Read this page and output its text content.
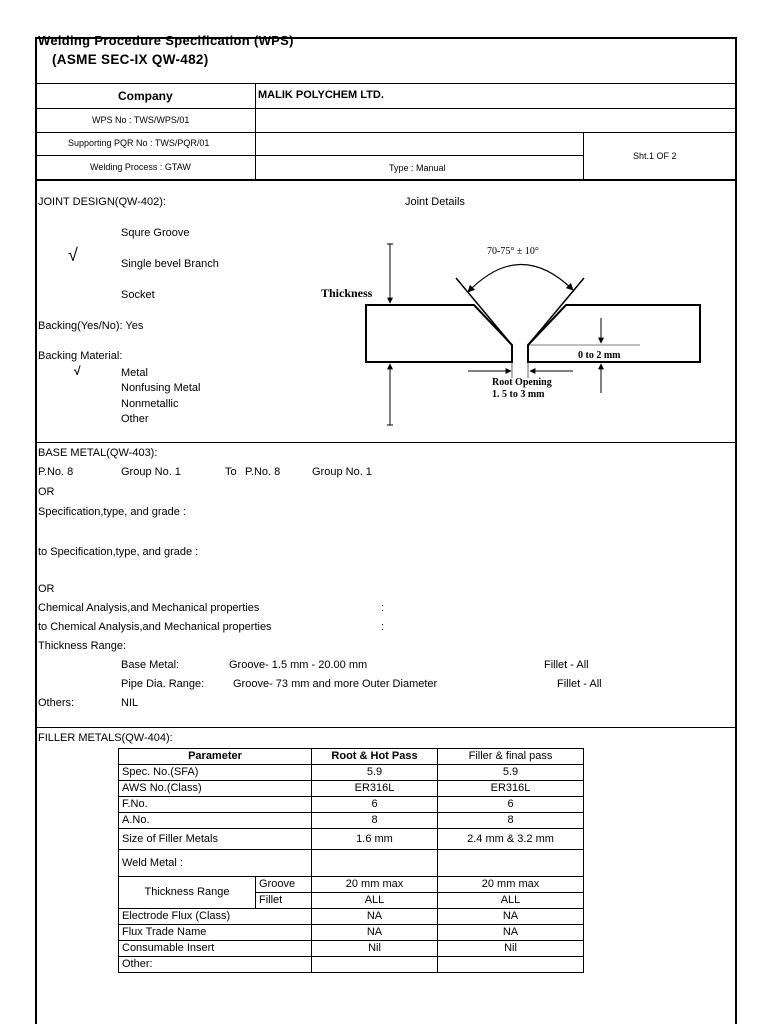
Welding Procedure Specification (WPS)
(ASME SEC-IX QW-482)
Company	MALIK POLYCHEM LTD.
WPS No : TWS/WPS/01
Supporting PQR No : TWS/PQR/01
Welding Process : GTAW	Type : Manual
Sht.1 OF 2
JOINT DESIGN(QW-402):	Joint Details
Squre Groove
√	Single bevel Branch
Socket
Backing(Yes/No): Yes
Backing Material:
√	Metal
Nonfusing Metal
Nonmetallic
Other
70-75° ± 10°
Thickness
0 to 2 mm
Root Opening
1. 5 to 3 mm
BASE METAL(QW-403):
P.No. 8	Group No. 1	To P.No. 8	Group No. 1
OR
Specification,type, and grade :
to Specification,type, and grade :
OR
Chemical Analysis,and Mechanical properties	:
to Chemical Analysis,and Mechanical properties	:
Thickness Range:
Base Metal:	Groove- 1.5 mm - 20.00 mm	Fillet - All
Pipe Dia. Range:	Groove- 73 mm and more Outer Diameter	Fillet - All
Others:	NIL
FILLER METALS(QW-404):
Parameter		Root & Hot Pass	Filler & final pass
Spec. No.(SFA)		5.9	5.9
AWS No.(Class)		ER316L	ER316L
F.No.		6	6
A.No.		8	8
Size of Filler Metals		1.6 mm	2.4 mm & 3.2 mm
Weld Metal :			
Thickness Range	Groove	20 mm max	20 mm max
	Fillet	ALL	ALL
Electrode Flux (Class)		NA	NA
Flux Trade Name		NA	NA
Consumable Insert		Nil	Nil
Other:			
